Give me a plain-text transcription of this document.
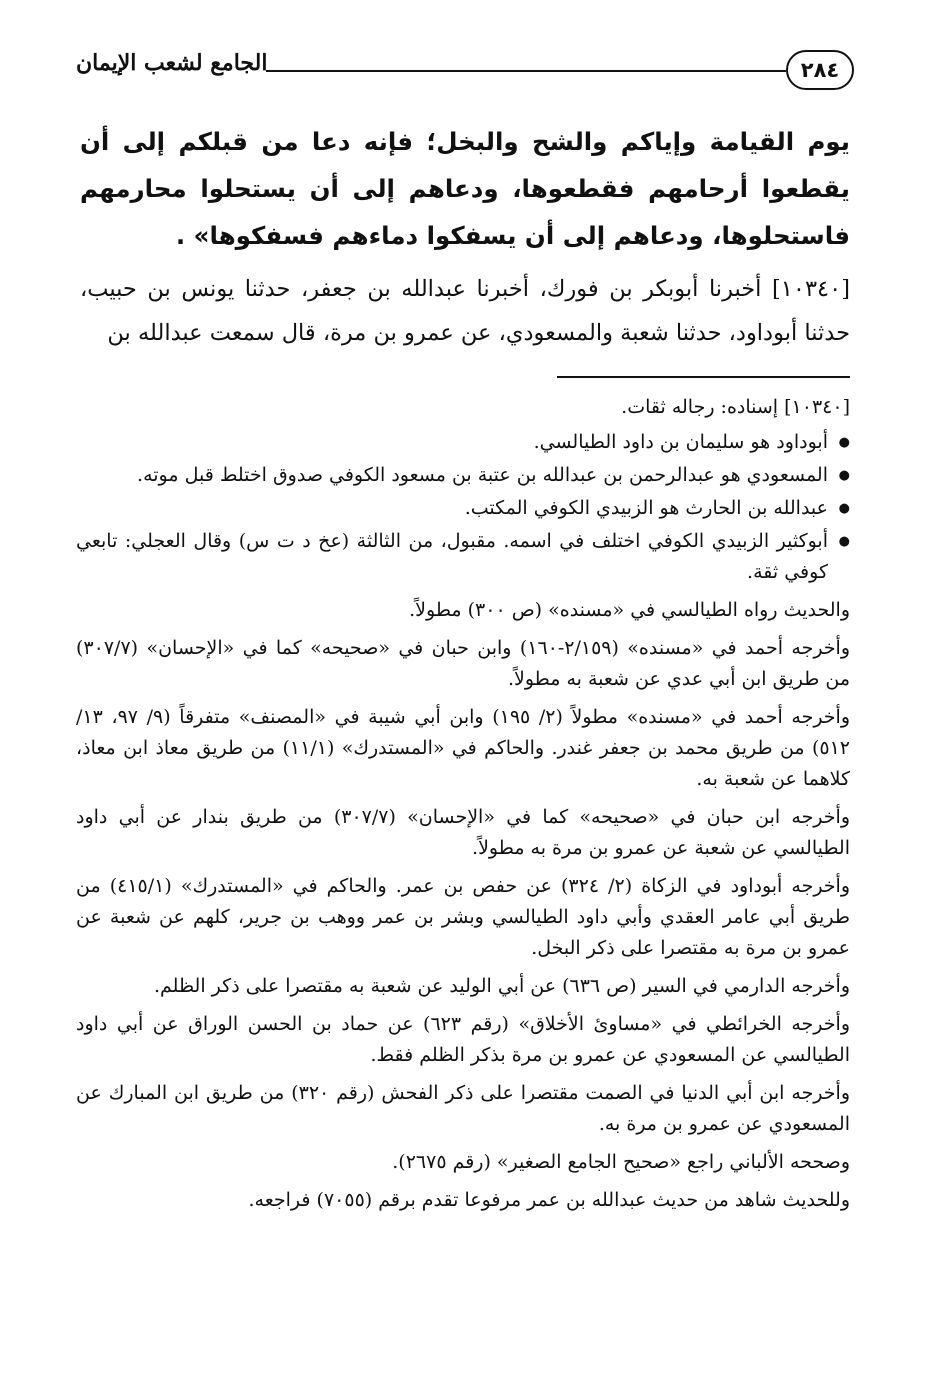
٢٨٤
الجامع لشعب الإيمان

يوم القيامة وإياكم والشح والبخل؛ فإنه دعا من قبلكم إلى أن يقطعوا أرحامهم فقطعوها، ودعاهم إلى أن يستحلوا محارمهم فاستحلوها، ودعاهم إلى أن يسفكوا دماءهم فسفكوها» .

[١٠٣٤٠] أخبرنا أبوبكر بن فورك، أخبرنا عبدالله بن جعفر، حدثنا يونس بن حبيب، حدثنا أبوداود، حدثنا شعبة والمسعودي، عن عمرو بن مرة، قال سمعت عبدالله بن

[١٠٣٤٠] إسناده: رجاله ثقات.

● أبوداود هو سليمان بن داود الطيالسي.

● المسعودي هو عبدالرحمن بن عبدالله بن عتبة بن مسعود الكوفي صدوق اختلط قبل موته.

● عبدالله بن الحارث هو الزبيدي الكوفي المكتب.

● أبوكثير الزبيدي الكوفي اختلف في اسمه. مقبول، من الثالثة (عخ د ت س) وقال العجلي: تابعي كوفي ثقة.

والحديث رواه الطيالسي في «مسنده» (ص ٣٠٠) مطولاً.

وأخرجه أحمد في «مسنده» (٢/١٥٩-١٦٠) وابن حبان في «صحيحه» كما في «الإحسان» (٣٠٧/٧) من طريق ابن أبي عدي عن شعبة به مطولاً.

وأخرجه أحمد في «مسنده» مطولاً (٢/ ١٩٥) وابن أبي شيبة في «المصنف» متفرقاً (٩/ ٩٧، ١٣/ ٥١٢) من طريق محمد بن جعفر غندر. والحاكم في «المستدرك» (١١/١) من طريق معاذ ابن معاذ، كلاهما عن شعبة به.

وأخرجه ابن حبان في «صحيحه» كما في «الإحسان» (٣٠٧/٧) من طريق بندار عن أبي داود الطيالسي عن شعبة عن عمرو بن مرة به مطولاً.

وأخرجه أبوداود في الزكاة (٢/ ٣٢٤) عن حفص بن عمر. والحاكم في «المستدرك» (٤١٥/١) من طريق أبي عامر العقدي وأبي داود الطيالسي وبشر بن عمر ووهب بن جرير، كلهم عن شعبة عن عمرو بن مرة به مقتصرا على ذكر البخل.

وأخرجه الدارمي في السير (ص ٦٣٦) عن أبي الوليد عن شعبة به مقتصرا على ذكر الظلم.

وأخرجه الخرائطي في «مساوئ الأخلاق» (رقم ٦٢٣) عن حماد بن الحسن الوراق عن أبي داود الطيالسي عن المسعودي عن عمرو بن مرة بذكر الظلم فقط.

وأخرجه ابن أبي الدنيا في الصمت مقتصرا على ذكر الفحش (رقم ٣٢٠) من طريق ابن المبارك عن المسعودي عن عمرو بن مرة به.

وصححه الألباني راجع «صحيح الجامع الصغير» (رقم ٢٦٧٥).

وللحديث شاهد من حديث عبدالله بن عمر مرفوعا تقدم برقم (٧٠٥٥) فراجعه.
